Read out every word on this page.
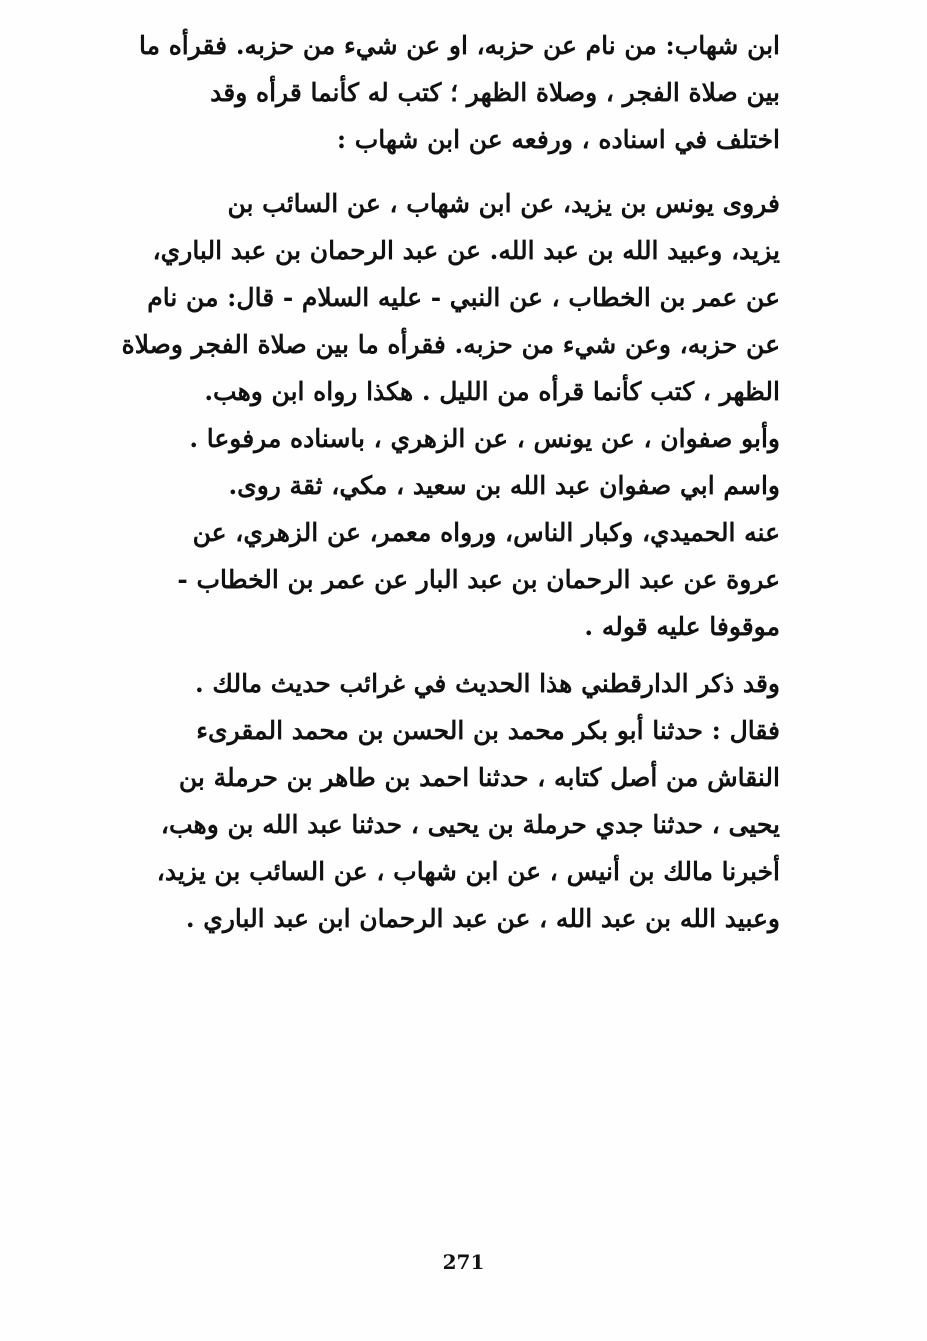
ابن شهاب: من نام عن حزبه، او عن شيء من حزبه. فقرأه ما
بين صلاة الفجر ، وصلاة الظهر ؛ كتب له كأنما قرأه وقد
اختلف في اسناده ، ورفعه عن ابن شهاب :
فروى يونس بن يزيد، عن ابن شهاب ، عن السائب بن
يزيد، وعبيد الله بن عبد الله. عن عبد الرحمان بن عبد الباري،
عن عمر بن الخطاب ، عن النبي - عليه السلام - قال: من نام
عن حزبه، وعن شيء من حزبه. فقرأه ما بين صلاة الفجر وصلاة
الظهر ، كتب كأنما قرأه من الليل . هكذا رواه ابن وهب.
وأبو صفوان ، عن يونس ، عن الزهري ، باسناده مرفوعا .
واسم ابي صفوان عبد الله بن سعيد ، مكي، ثقة روى.
عنه الحميدي، وكبار الناس، ورواه معمر، عن الزهري، عن
عروة عن عبد الرحمان بن عبد البار عن عمر بن الخطاب -
موقوفا عليه قوله .
وقد ذكر الدارقطني هذا الحديث في غرائب حديث مالك .
فقال : حدثنا أبو بكر محمد بن الحسن بن محمد المقرىء
النقاش من أصل كتابه ، حدثنا احمد بن طاهر بن حرملة بن
يحيى ، حدثنا جدي حرملة بن يحيى ، حدثنا عبد الله بن وهب،
أخبرنا مالك بن أنيس ، عن ابن شهاب ، عن السائب بن يزيد،
وعبيد الله بن عبد الله ، عن عبد الرحمان ابن عبد الباري .
271
